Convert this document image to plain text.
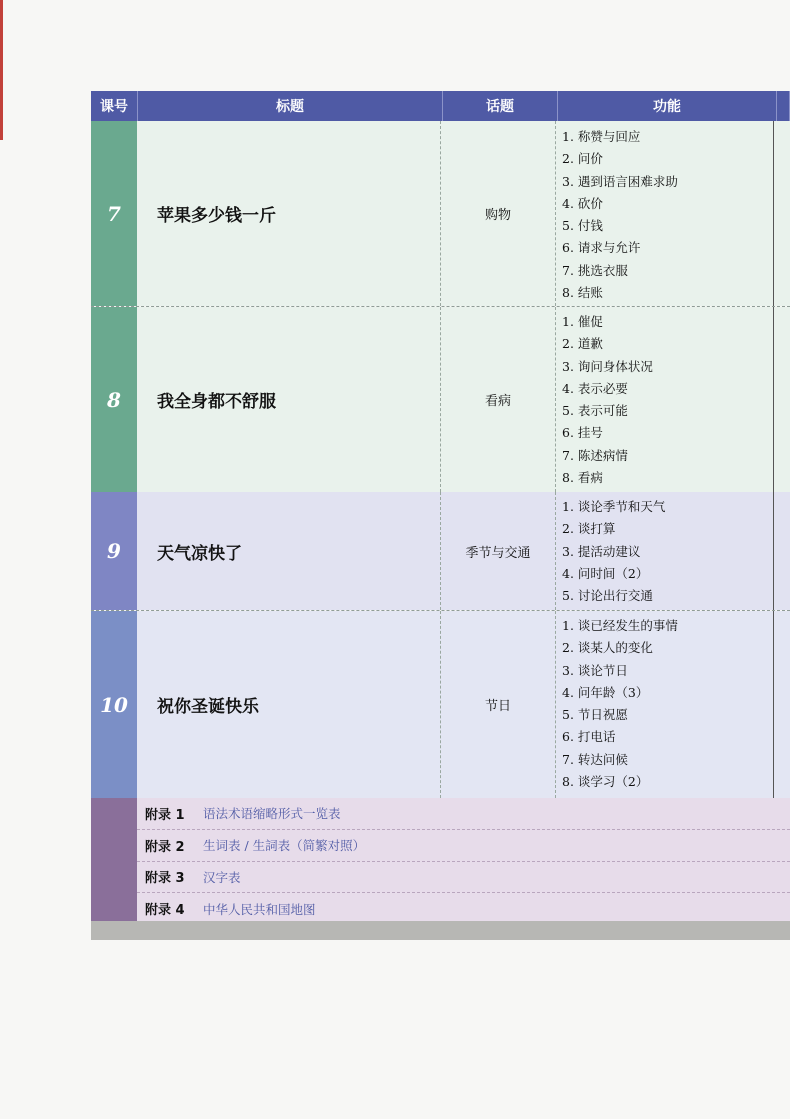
课号	标题	话题	功能
7	苹果多少钱一斤	购物
1. 称赞与回应
2. 问价
3. 遇到语言困难求助
4. 砍价
5. 付钱
6. 请求与允许
7. 挑选衣服
8. 结账
8	我全身都不舒服	看病
1. 催促
2. 道歉
3. 询问身体状况
4. 表示必要
5. 表示可能
6. 挂号
7. 陈述病情
8. 看病
9	天气凉快了	季节与交通
1. 谈论季节和天气
2. 谈打算
3. 提活动建议
4. 问时间（2）
5. 讨论出行交通
10	祝你圣诞快乐	节日
1. 谈已经发生的事情
2. 谈某人的变化
3. 谈论节日
4. 问年龄（3）
5. 节日祝愿
6. 打电话
7. 转达问候
8. 谈学习（2）
附录 1	语法术语缩略形式一览表
附录 2	生词表 / 生詞表（简繁对照）
附录 3	汉字表
附录 4	中华人民共和国地图
